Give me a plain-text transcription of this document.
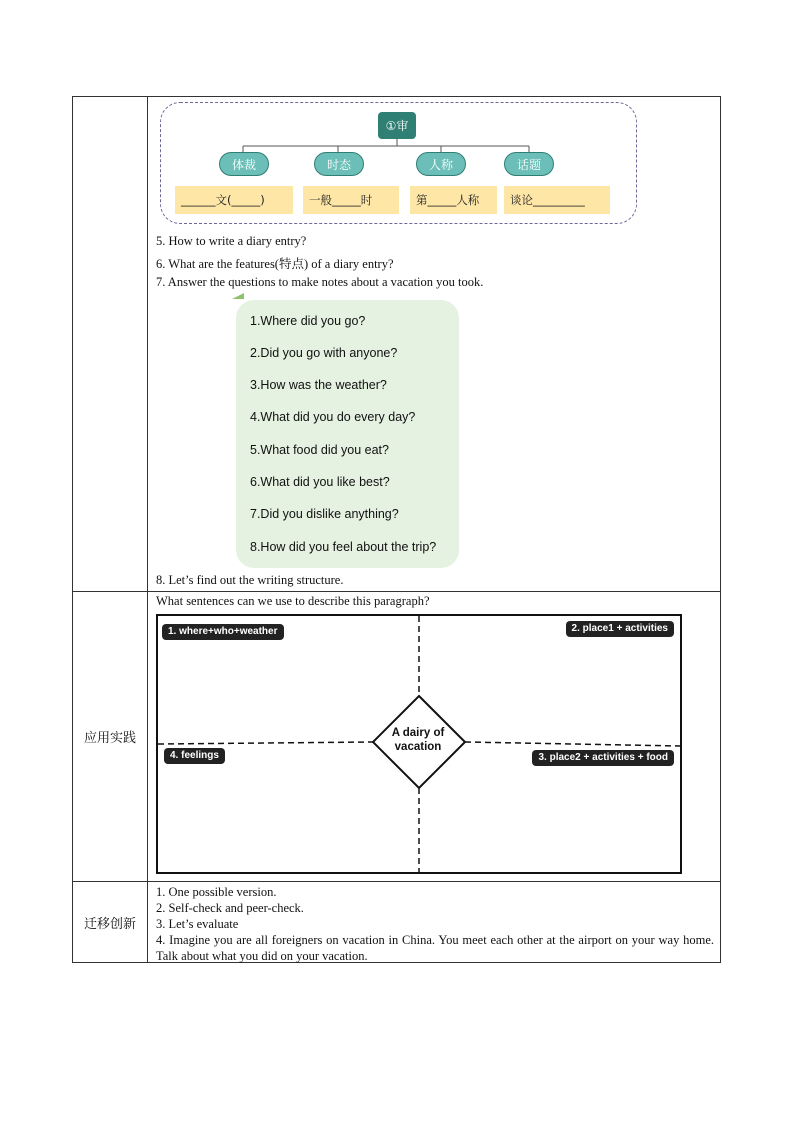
①审
体裁	时态	人称	话题
______文(_____)	一般_____时	第_____人称	谈论_________
5. How to write a diary entry?
6. What are the features(特点) of a diary entry?
7. Answer the questions to make notes about a vacation you took.
1.Where did you go?
2.Did you go with anyone?
3.How was the weather?
4.What did you do every day?
5.What food did you eat?
6.What did you like best?
7.Did you dislike anything?
8.How did you feel about the trip?
8. Let’s find out the writing structure.
应用实践
What sentences can we use to describe this paragraph?
A dairy of
vacation
1. where+who+weather	2. place1 + activities
4. feelings	3. place2 + activities + food
迁移创新
1. One possible version.
2. Self-check and peer-check.
3. Let’s evaluate
4. Imagine you are all foreigners on vacation in China. You meet each other at the airport on your way home. Talk about what you did on your vacation.
